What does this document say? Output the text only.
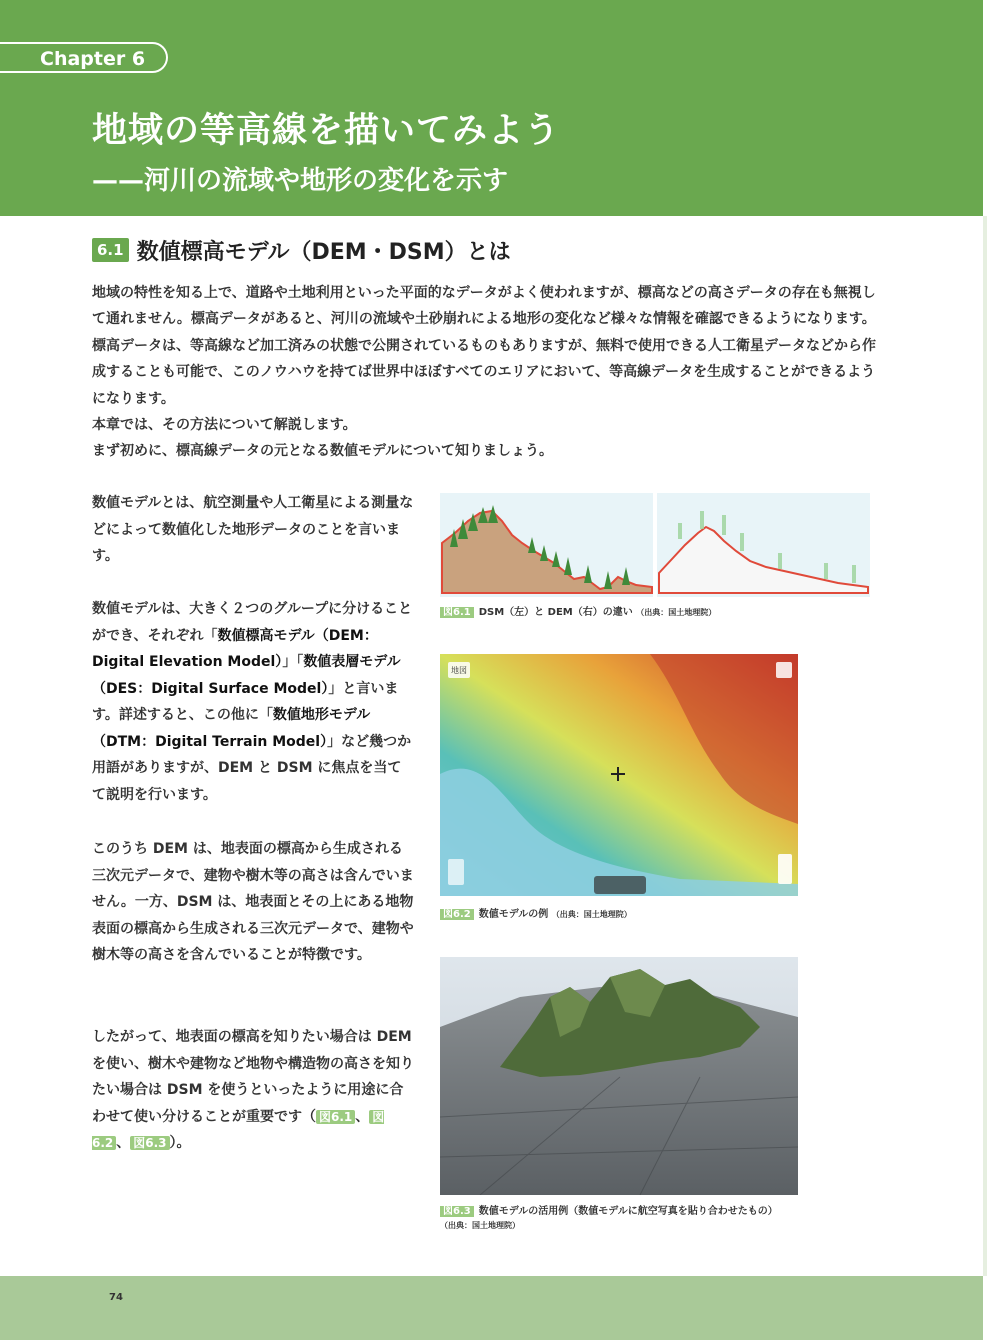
Chapter 6
地域の等高線を描いてみよう
——河川の流域や地形の変化を示す
6.1 数値標高モデル（DEM・DSM）とは

地域の特性を知る上で、道路や土地利用といった平面的なデータがよく使われますが、標高などの高さデータの存在も無視して通れません。標高データがあると、河川の流域や土砂崩れによる地形の変化など様々な情報を確認できるようになります。標高データは、等高線など加工済みの状態で公開されているものもありますが、無料で使用できる人工衛星データなどから作成することも可能で、このノウハウを持てば世界中ほぼすべてのエリアにおいて、等高線データを生成することができるようになります。

本章では、その方法について解説します。

まず初めに、標高線データの元となる数値モデルについて知りましょう。

数値モデルとは、航空測量や人工衛星による測量などによって数値化した地形データのことを言います。

数値モデルは、大きく２つのグループに分けることができ、それぞれ「数値標高モデル（DEM：Digital Elevation Model）」「数値表層モデル（DES：Digital Surface Model）」と言います。詳述すると、この他に「数値地形モデル（DTM：Digital Terrain Model）」など幾つか用語がありますが、DEM と DSM に焦点を当てて説明を行います。

このうち DEM は、地表面の標高から生成される三次元データで、建物や樹木等の高さは含んでいません。一方、DSM は、地表面とその上にある地物表面の標高から生成される三次元データで、建物や樹木等の高さを含んでいることが特徴です。

したがって、地表面の標高を知りたい場合は DEM を使い、樹木や建物など地物や構造物の高さを知りたい場合は DSM を使うといったように用途に合わせて使い分けることが重要です（ 図6.1 、 図6.2 、 図6.3 ）。

図6.1 DSM（左）と DEM（右）の違い （出典：国土地理院）
地図
図6.2 数値モデルの例 （出典：国土地理院）
図6.3 数値モデルの活用例（数値モデルに航空写真を貼り合わせたもの）
（出典：国土地理院）
74
